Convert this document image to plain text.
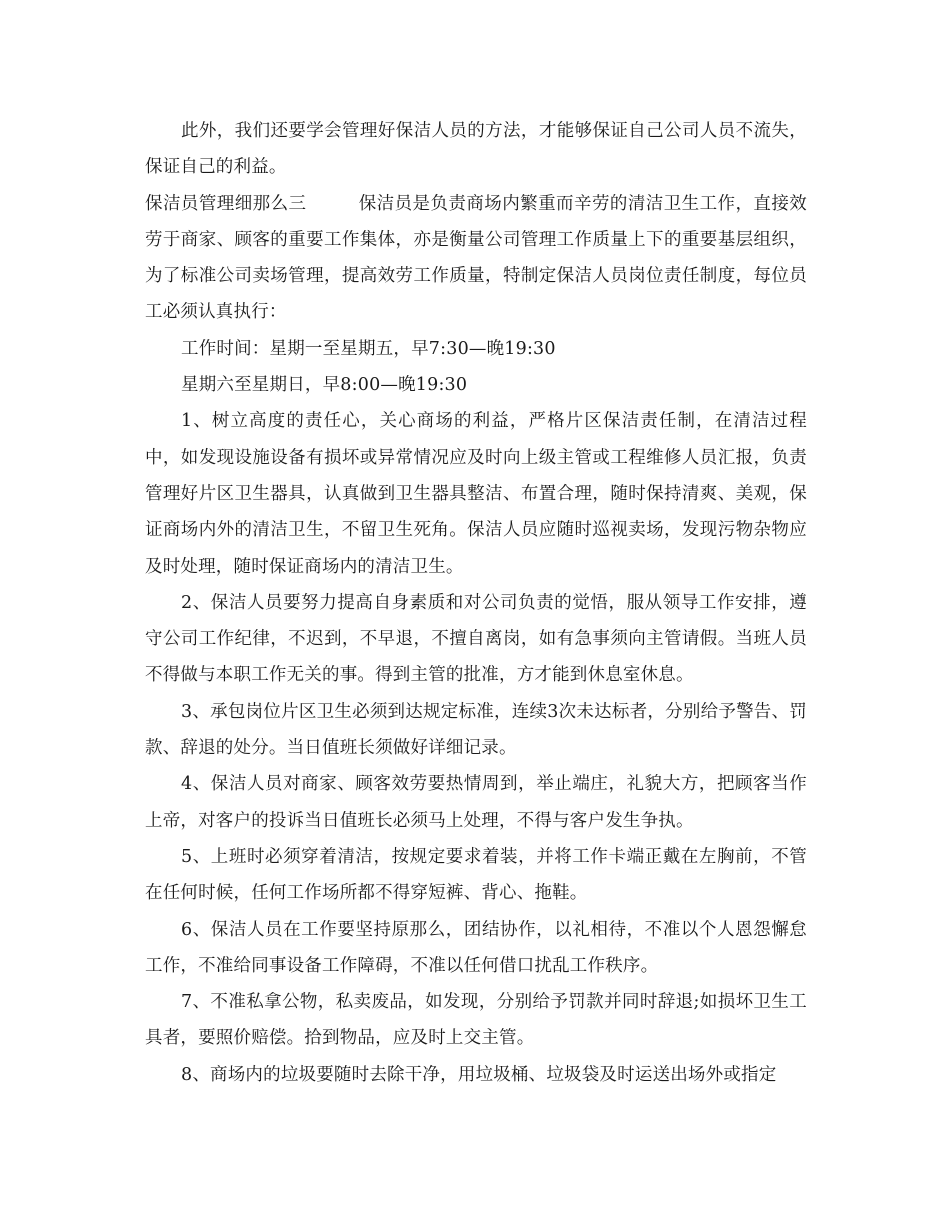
此外，我们还要学会管理好保洁人员的方法，才能够保证自己公司人员不流失，保证自己的利益。

保洁员管理细那么三	保洁员是负责商场内繁重而辛劳的清洁卫生工作，直接效劳于商家、顾客的重要工作集体，亦是衡量公司管理工作质量上下的重要基层组织，为了标准公司卖场管理，提高效劳工作质量，特制定保洁人员岗位责任制度，每位员工必须认真执行：

工作时间：星期一至星期五，早7:30—晚19:30

星期六至星期日，早8:00—晚19:30

1、树立高度的责任心，关心商场的利益，严格片区保洁责任制，在清洁过程中，如发现设施设备有损坏或异常情况应及时向上级主管或工程维修人员汇报，负责管理好片区卫生器具，认真做到卫生器具整洁、布置合理，随时保持清爽、美观，保证商场内外的清洁卫生，不留卫生死角。保洁人员应随时巡视卖场，发现污物杂物应及时处理，随时保证商场内的清洁卫生。

2、保洁人员要努力提高自身素质和对公司负责的觉悟，服从领导工作安排，遵守公司工作纪律，不迟到，不早退，不擅自离岗，如有急事须向主管请假。当班人员不得做与本职工作无关的事。得到主管的批准，方才能到休息室休息。

3、承包岗位片区卫生必须到达规定标准，连续3次未达标者，分别给予警告、罚款、辞退的处分。当日值班长须做好详细记录。

4、保洁人员对商家、顾客效劳要热情周到，举止端庄，礼貌大方，把顾客当作上帝，对客户的投诉当日值班长必须马上处理，不得与客户发生争执。

5、上班时必须穿着清洁，按规定要求着装，并将工作卡端正戴在左胸前，不管在任何时候，任何工作场所都不得穿短裤、背心、拖鞋。

6、保洁人员在工作要坚持原那么，团结协作，以礼相待，不准以个人恩怨懈怠工作，不准给同事设备工作障碍，不准以任何借口扰乱工作秩序。

7、不准私拿公物，私卖废品，如发现，分别给予罚款并同时辞退;如损坏卫生工具者，要照价赔偿。拾到物品，应及时上交主管。

8、商场内的垃圾要随时去除干净，用垃圾桶、垃圾袋及时运送出场外或指定
